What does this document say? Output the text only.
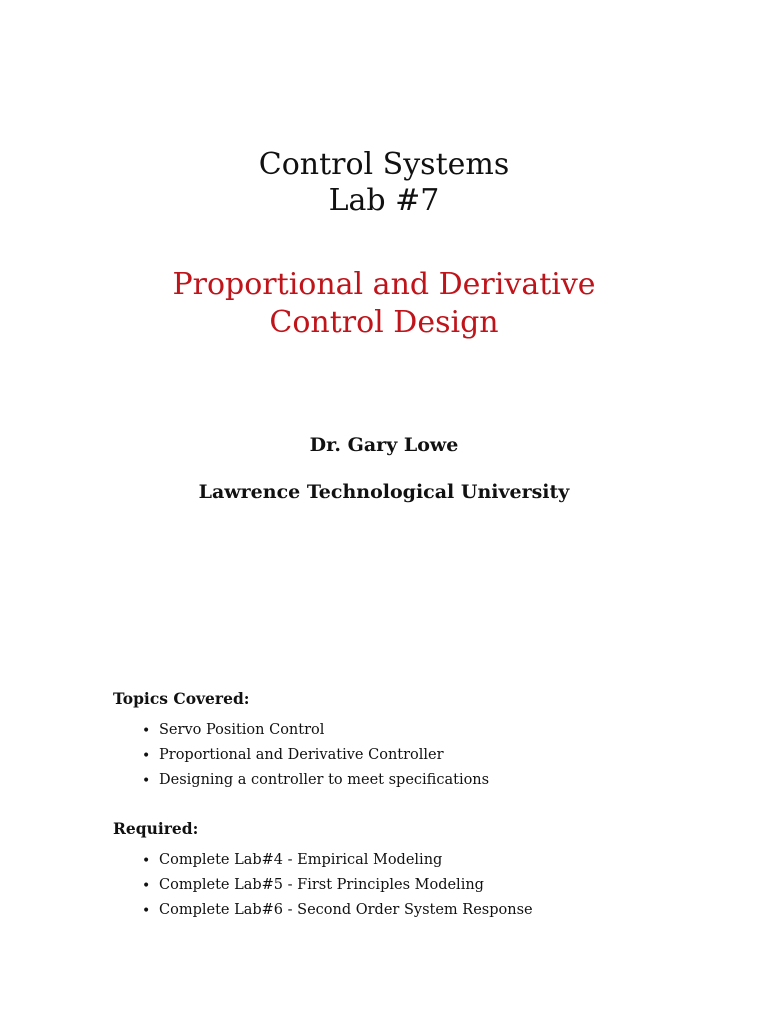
Control Systems
Lab #7
Proportional and Derivative
Control Design
Dr. Gary Lowe
Lawrence Technological University
Topics Covered:
• Servo Position Control
• Proportional and Derivative Controller
• Designing a controller to meet specifications
Required:
• Complete Lab#4 - Empirical Modeling
• Complete Lab#5 - First Principles Modeling
• Complete Lab#6 - Second Order System Response
